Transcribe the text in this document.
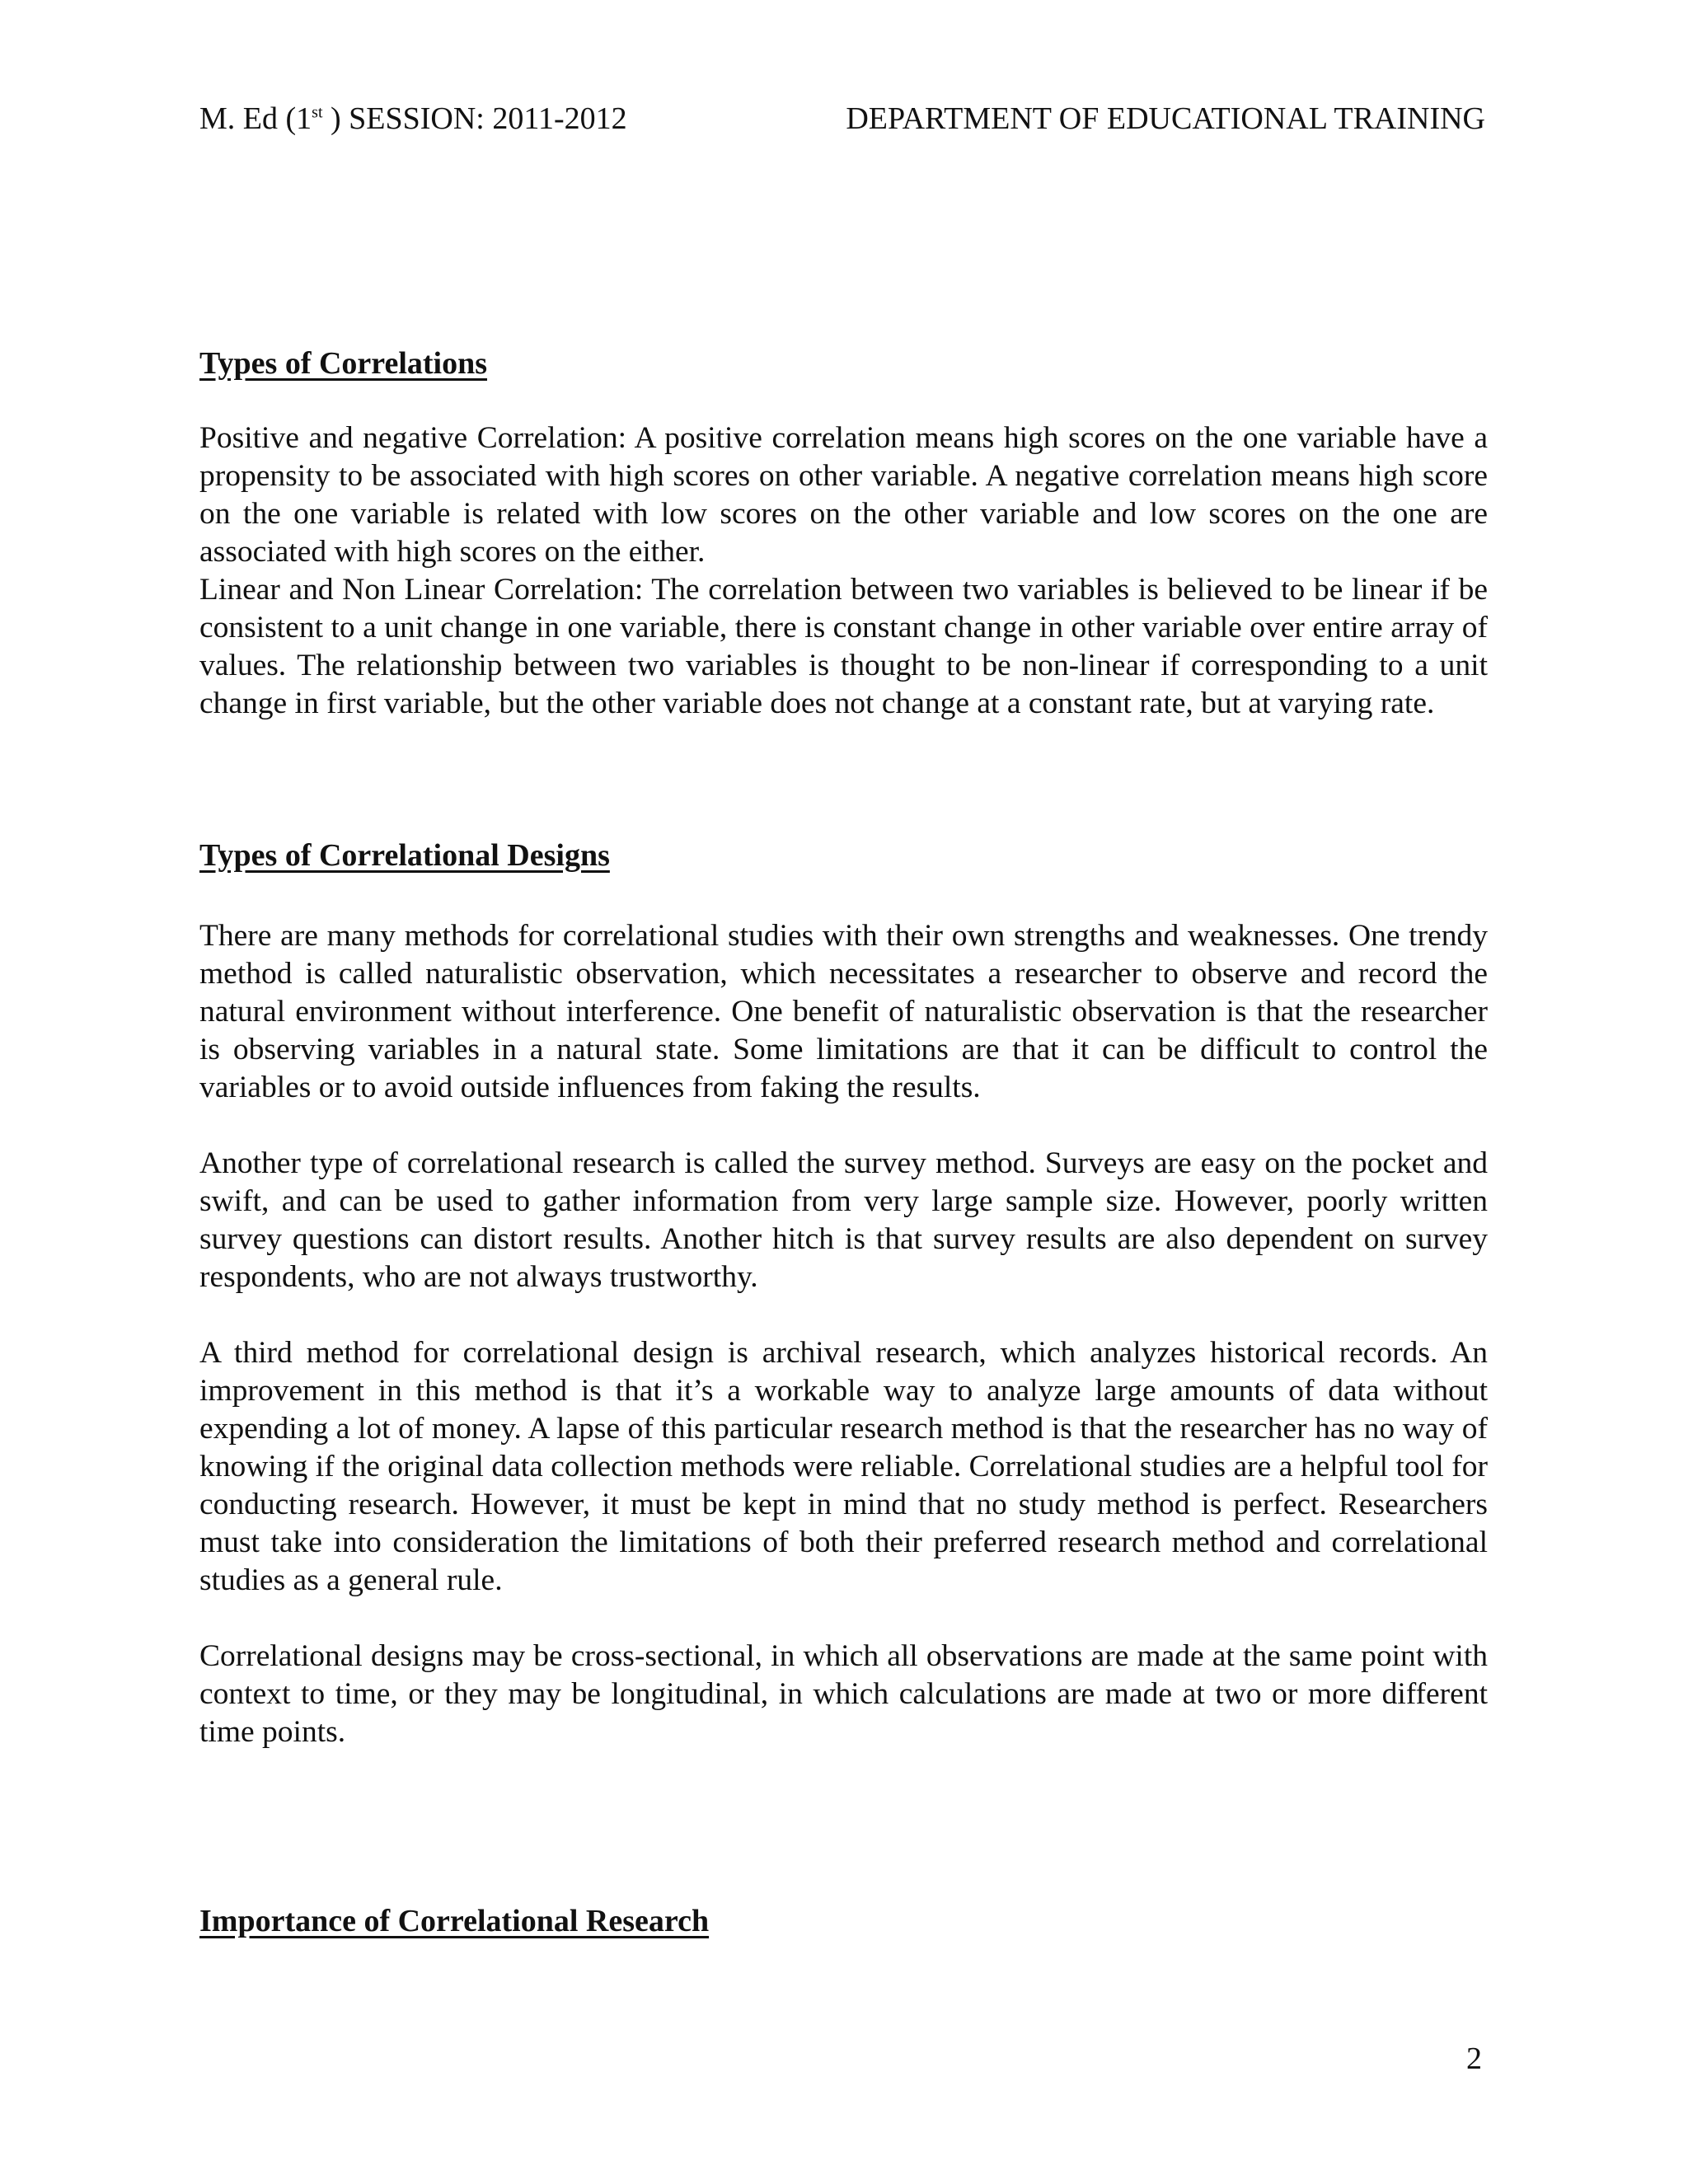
M. Ed (1st ) SESSION: 2011-2012	DEPARTMENT OF EDUCATIONAL TRAINING
Types of Correlations

Positive and negative Correlation: A positive correlation means high scores on the one variable have a propensity to be associated with high scores on other variable. A negative correlation means high score on the one variable is related with low scores on the other variable and low scores on the one are associated with high scores on the either.

Linear and Non Linear Correlation: The correlation between two variables is believed to be linear if be consistent to a unit change in one variable, there is constant change in other variable over entire array of values. The relationship between two variables is thought to be non-linear if corresponding to a unit change in first variable, but the other variable does not change at a constant rate, but at varying rate.

Types of Correlational Designs
There are many methods for correlational studies with their own strengths and weaknesses. One trendy method is called naturalistic observation, which necessitates a researcher to observe and record the natural environment without interference. One benefit of naturalistic observation is that the researcher is observing variables in a natural state. Some limitations are that it can be difficult to control the variables or to avoid outside influences from faking the results.
Another type of correlational research is called the survey method. Surveys are easy on the pocket and swift, and can be used to gather information from very large sample size. However, poorly written survey questions can distort results. Another hitch is that survey results are also dependent on survey respondents, who are not always trustworthy.
A third method for correlational design is archival research, which analyzes historical records. An improvement in this method is that it’s a workable way to analyze large amounts of data without expending a lot of money. A lapse of this particular research method is that the researcher has no way of knowing if the original data collection methods were reliable. Correlational studies are a helpful tool for conducting research. However, it must be kept in mind that no study method is perfect. Researchers must take into consideration the limitations of both their preferred research method and correlational studies as a general rule.
Correlational designs may be cross-sectional, in which all observations are made at the same point with context to time, or they may be longitudinal, in which calculations are made at two or more different time points.
Importance of Correlational Research
2
